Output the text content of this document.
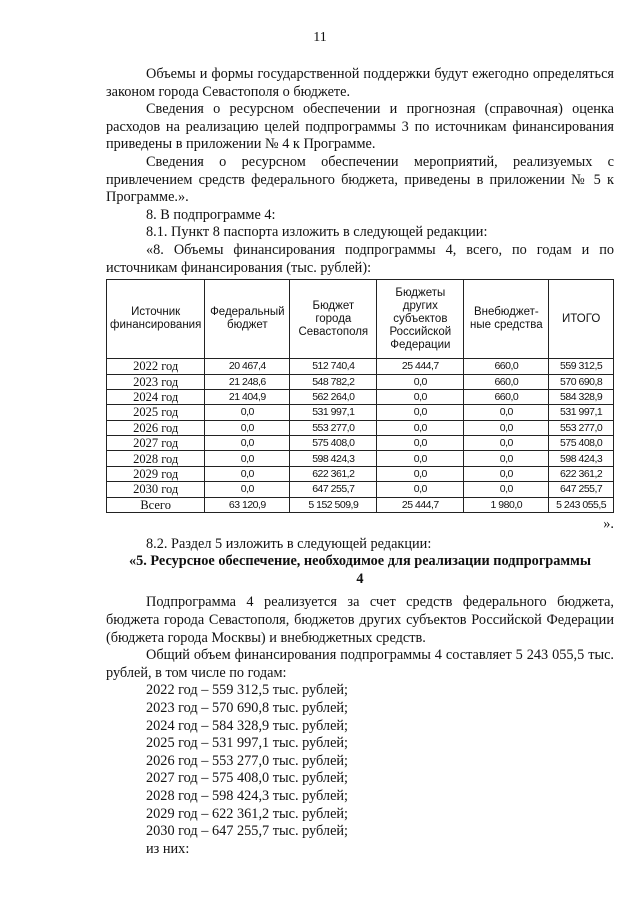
11

Объемы и формы государственной поддержки будут ежегодно определяться законом города Севастополя о бюджете.

Сведения о ресурсном обеспечении и прогнозная (справочная) оценка расходов на реализацию целей подпрограммы 3 по источникам финансирования приведены в приложении № 4 к Программе.

Сведения о ресурсном обеспечении мероприятий, реализуемых с привлечением средств федерального бюджета, приведены в приложении № 5 к Программе.».

8. В подпрограмме 4:

8.1. Пункт 8 паспорта изложить в следующей редакции:

«8. Объемы финансирования подпрограммы 4, всего, по годам и по источникам финансирования (тыс. рублей):

Источник финансирования	Федеральный бюджет	Бюджет города Севастополя	Бюджеты других субъектов Российской Федерации	Внебюджет-ные средства	ИТОГО
2022 год	20 467,4	512 740,4	25 444,7	660,0	559 312,5
2023 год	21 248,6	548 782,2	0,0	660,0	570 690,8
2024 год	21 404,9	562 264,0	0,0	660,0	584 328,9
2025 год	0,0	531 997,1	0,0	0,0	531 997,1
2026 год	0,0	553 277,0	0,0	0,0	553 277,0
2027 год	0,0	575 408,0	0,0	0,0	575 408,0
2028 год	0,0	598 424,3	0,0	0,0	598 424,3
2029 год	0,0	622 361,2	0,0	0,0	622 361,2
2030 год	0,0	647 255,7	0,0	0,0	647 255,7
Всего	63 120,9	5 152 509,9	25 444,7	1 980,0	5 243 055,5

».

8.2. Раздел 5 изложить в следующей редакции:

«5. Ресурсное обеспечение, необходимое для реализации подпрограммы 4

Подпрограмма 4 реализуется за счет средств федерального бюджета, бюджета города Севастополя, бюджетов других субъектов Российской Федерации (бюджета города Москвы) и внебюджетных средств.

Общий объем финансирования подпрограммы 4 составляет 5 243 055,5 тыс. рублей, в том числе по годам:

2022 год – 559 312,5 тыс. рублей;
2023 год – 570 690,8 тыс. рублей;
2024 год – 584 328,9 тыс. рублей;
2025 год – 531 997,1 тыс. рублей;
2026 год – 553 277,0 тыс. рублей;
2027 год – 575 408,0 тыс. рублей;
2028 год – 598 424,3 тыс. рублей;
2029 год – 622 361,2 тыс. рублей;
2030 год – 647 255,7 тыс. рублей;
из них:
